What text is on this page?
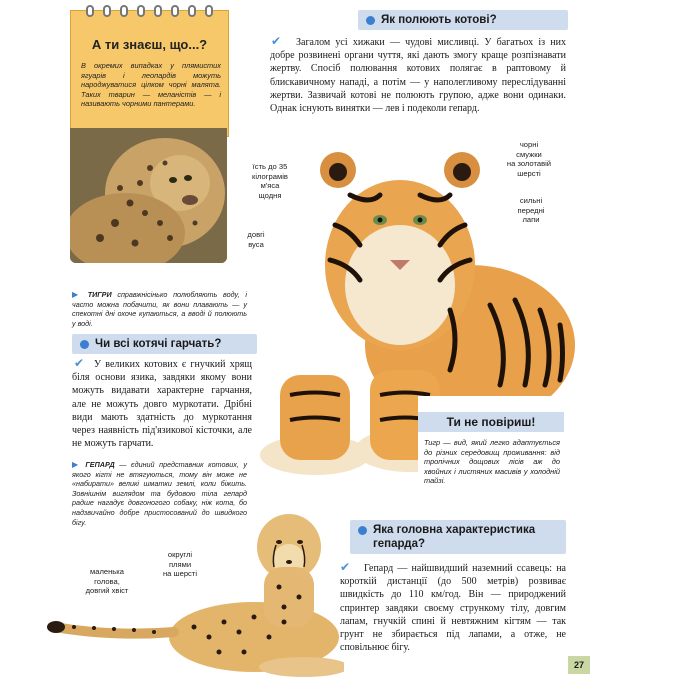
А ти знаєш, що...?
В окремих випадках у плямистих ягуарів і леопардів можуть народжуватися цілком чорні малята. Таких тварин — меланістів — і називають чорними пантерами.
Як полюють котові?
Загалом усі хижаки — чудові мисливці. У багатьох із них добре розвинені органи чуття, які дають змогу краще розпізнавати жертву. Спосіб полювання котових полягає в раптовому й блискавичному нападі, а потім — у наполегливому переслідуванні жертви. Зазвичай котові не полюють групою, адже вони одинаки. Однак існують винятки — лев і подеколи гепард.
✔
їсть до 35
кілограмів
м'яса
щодня
довгі
вуса
чорні
смужки
на золотавій
шерсті
сильні
передні
лапи
▶ ТИГРИ справжнісінько полюбляють воду, і часто можна побачити, як вони плавають — у спекотні дні охоче купаються, а вводі й полюють у воді.
Чи всі котячі гарчать?
У великих котових є гнучкий хрящ біля основи язика, завдяки якому вони можуть видавати характерне гарчання, але не можуть довго муркотати. Дрібні види мають здатність до муркотання через наявність під'язикової кісточки, але не можуть гарчати.
✔
▶ ГЕПАРД — єдиний представник котових, у якого кігті не втягуються, тому він може не «набирати» великі шматки землі, коли біжить. Зовнішнім виглядом та будовою тіла гепард радше нагадує довгоногого собаку, ніж кота, бо надзвичайно добре пристосований до швидкого бігу.
Ти не повіриш!
Тигр — вид, який легко адаптується до різних середовищ проживання: від тропічних дощових лісів аж до хвойних і листяних масивів у холодній тайзі.
Яка головна характеристика гепарда?
Гепард — найшвидший наземний ссавець: на короткій дистанції (до 500 метрів) розвиває швидкість до 110 км/год. Він — природжений спринтер завдяки своєму стрункому тілу, довгим лапам, гнучкій спині й невтяжним кігтям — так грунт не збирається під лапами, а отже, не сповільнює бігу.
✔
округлі
плями
на шерсті
маленька
голова,
довгий хвіст
27
